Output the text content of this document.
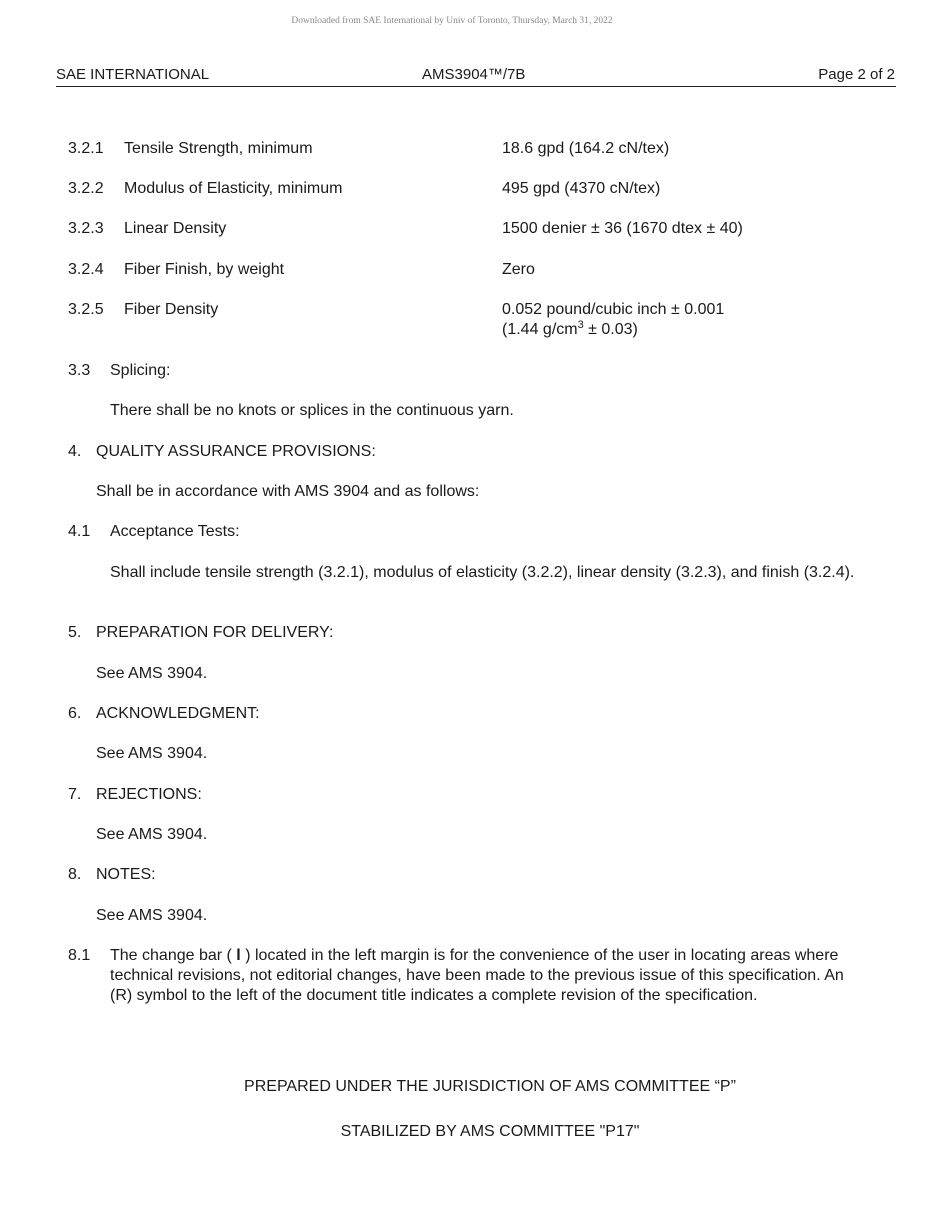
Downloaded from SAE International by Univ of Toronto, Thursday, March 31, 2022
SAE INTERNATIONAL	AMS3904™/7B	Page 2 of 2
3.2.1 Tensile Strength, minimum	18.6 gpd (164.2 cN/tex)
3.2.2 Modulus of Elasticity, minimum	495 gpd (4370 cN/tex)
3.2.3 Linear Density	1500 denier ± 36 (1670 dtex ± 40)
3.2.4 Fiber Finish, by weight	Zero
3.2.5 Fiber Density	0.052 pound/cubic inch ± 0.001
(1.44 $g/cm^3 \pm 0.03$)
3.3 Splicing:
There shall be no knots or splices in the continuous yarn.
4. QUALITY ASSURANCE PROVISIONS:
Shall be in accordance with AMS 3904 and as follows:
4.1 Acceptance Tests:
Shall include tensile strength (3.2.1), modulus of elasticity (3.2.2), linear density (3.2.3), and finish (3.2.4).
5. PREPARATION FOR DELIVERY:
See AMS 3904.
6. ACKNOWLEDGMENT:
See AMS 3904.
7. REJECTIONS:
See AMS 3904.
8. NOTES:
See AMS 3904.
8.1 The change bar ( l ) located in the left margin is for the convenience of the user in locating areas where technical revisions, not editorial changes, have been made to the previous issue of this specification. An (R) symbol to the left of the document title indicates a complete revision of the specification.
PREPARED UNDER THE JURISDICTION OF AMS COMMITTEE “P”
STABILIZED BY AMS COMMITTEE "P17"
